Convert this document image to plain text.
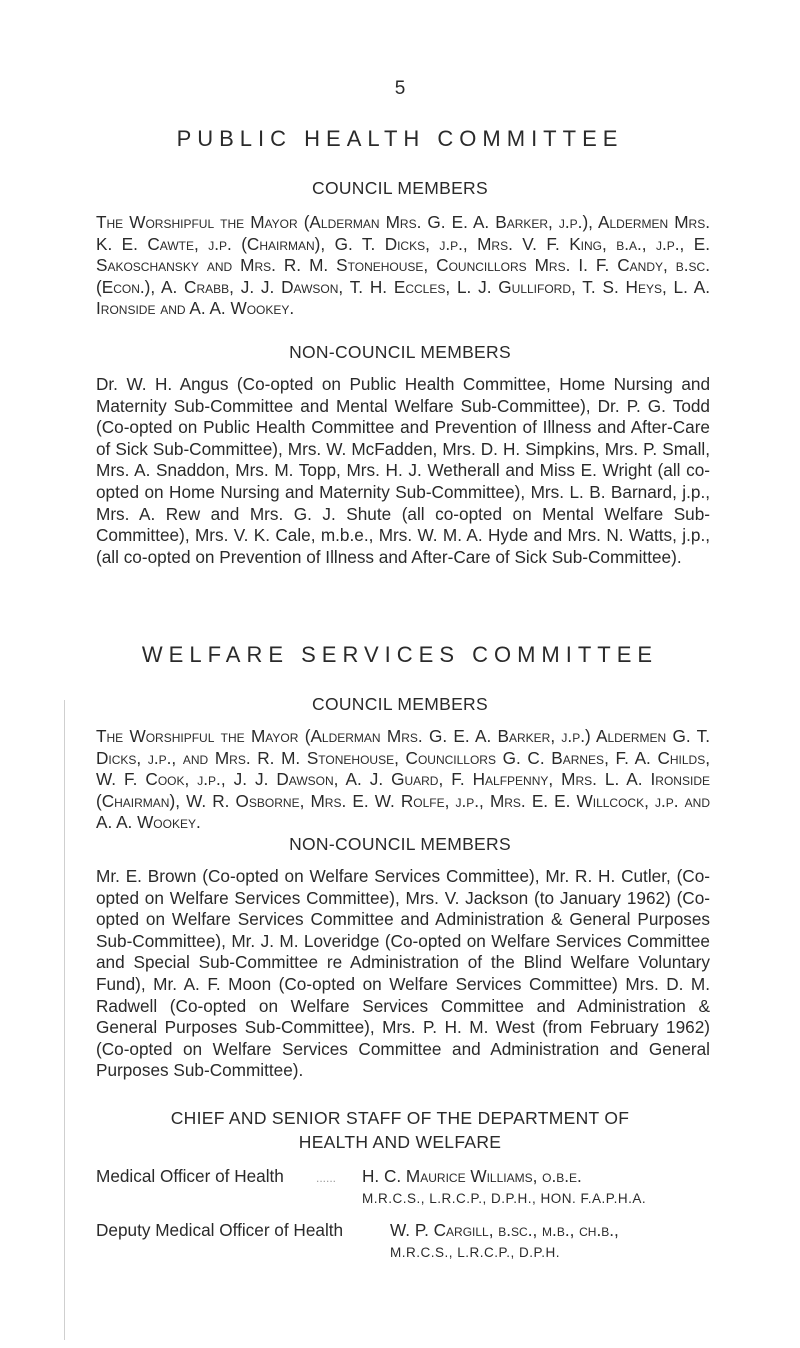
5
PUBLIC HEALTH COMMITTEE
COUNCIL MEMBERS

The Worshipful the Mayor (Alderman Mrs. G. E. A. Barker, j.p.), Aldermen Mrs. K. E. Cawte, j.p. (Chairman), G. T. Dicks, j.p., Mrs. V. F. King, b.a., j.p., E. Sakoschansky and Mrs. R. M. Stonehouse, Councillors Mrs. I. F. Candy, b.sc. (Econ.), A. Crabb, J. J. Dawson, T. H. Eccles, L. J. Gulliford, T. S. Heys, L. A. Ironside and A. A. Wookey.

NON-COUNCIL MEMBERS

Dr. W. H. Angus (Co-opted on Public Health Committee, Home Nursing and Maternity Sub-Committee and Mental Welfare Sub-Committee), Dr. P. G. Todd (Co-opted on Public Health Committee and Prevention of Illness and After-Care of Sick Sub-Committee), Mrs. W. McFadden, Mrs. D. H. Simpkins, Mrs. P. Small, Mrs. A. Snaddon, Mrs. M. Topp, Mrs. H. J. Wetherall and Miss E. Wright (all co-opted on Home Nursing and Maternity Sub-Committee), Mrs. L. B. Barnard, j.p., Mrs. A. Rew and Mrs. G. J. Shute (all co-opted on Mental Welfare Sub-Committee), Mrs. V. K. Cale, m.b.e., Mrs. W. M. A. Hyde and Mrs. N. Watts, j.p., (all co-opted on Prevention of Illness and After-Care of Sick Sub-Committee).

WELFARE SERVICES COMMITTEE
COUNCIL MEMBERS

The Worshipful the Mayor (Alderman Mrs. G. E. A. Barker, j.p.) Aldermen G. T. Dicks, j.p., and Mrs. R. M. Stonehouse, Councillors G. C. Barnes, F. A. Childs, W. F. Cook, j.p., J. J. Dawson, A. J. Guard, F. Halfpenny, Mrs. L. A. Ironside (Chairman), W. R. Osborne, Mrs. E. W. Rolfe, j.p., Mrs. E. E. Willcock, j.p. and A. A. Wookey.

NON-COUNCIL MEMBERS

Mr. E. Brown (Co-opted on Welfare Services Committee), Mr. R. H. Cutler, (Co-opted on Welfare Services Committee), Mrs. V. Jackson (to January 1962) (Co-opted on Welfare Services Committee and Administration & General Purposes Sub-Committee), Mr. J. M. Loveridge (Co-opted on Welfare Services Committee and Special Sub-Committee re Administration of the Blind Welfare Voluntary Fund), Mr. A. F. Moon (Co-opted on Welfare Services Committee) Mrs. D. M. Radwell (Co-opted on Welfare Services Committee and Administration & General Purposes Sub-Committee), Mrs. P. H. M. West (from February 1962) (Co-opted on Welfare Services Committee and Administration and General Purposes Sub-Committee).

CHIEF AND SENIOR STAFF OF THE DEPARTMENT OF
HEALTH AND WELFARE
Medical Officer of Health	...... H. C. Maurice Williams, o.b.e.
M.R.C.S., L.R.C.P., D.P.H., HON. F.A.P.H.A.
Deputy Medical Officer of Health	W. P. Cargill, b.sc., m.b., ch.b.,
M.R.C.S., L.R.C.P., D.P.H.
